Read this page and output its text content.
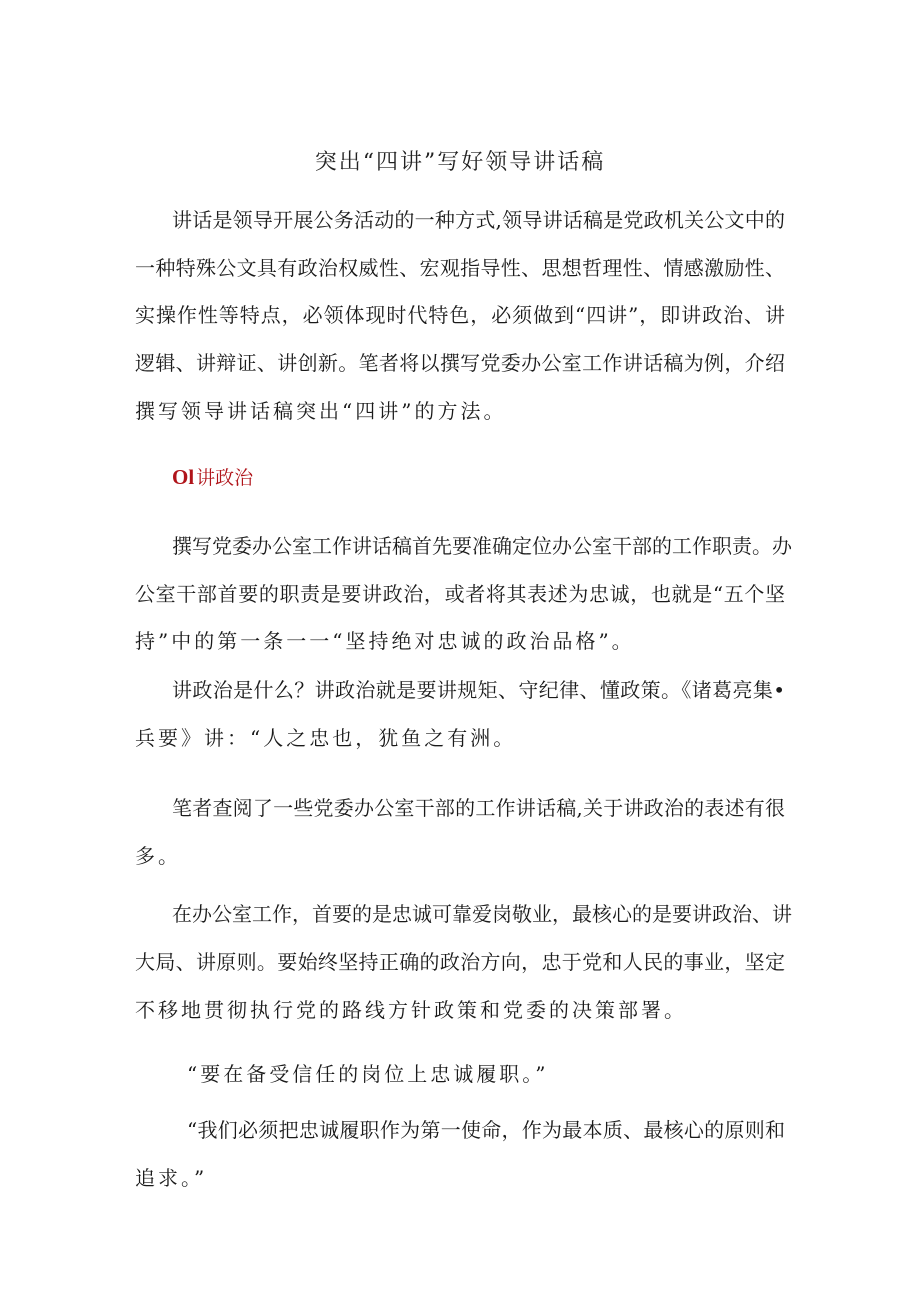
突出“四讲”写好领导讲话稿
Ol 讲政治
讲话是领导开展公务活动的一种方式,领导讲话稿是党政机关公文中的
一种特殊公文具有政治权威性、宏观指导性、思想哲理性、情感激励性、
实操作性等特点，必领体现时代特色，必须做到“四讲”，即讲政治、讲
逻辑、讲辩证、讲创新。笔者将以撰写党委办公室工作讲话稿为例，介绍
撰写领导讲话稿突出“四讲”的方法。
撰写党委办公室工作讲话稿首先要准确定位办公室干部的工作职责。办
公室干部首要的职责是要讲政治，或者将其表述为忠诚，也就是“五个坚
持”中的第一条一一“坚持绝对忠诚的政治品格”。
讲政治是什么？讲政治就是要讲规矩、守纪律、懂政策。《诸葛亮集•
兵要》讲：“人之忠也，犹鱼之有洲。
笔者查阅了一些党委办公室干部的工作讲话稿,关于讲政治的表述有很
多。
在办公室工作，首要的是忠诚可靠爱岗敬业，最核心的是要讲政治、讲
大局、讲原则。要始终坚持正确的政治方向，忠于党和人民的事业，坚定
不移地贯彻执行党的路线方针政策和党委的决策部署。
“要在备受信任的岗位上忠诚履职。”
“我们必须把忠诚履职作为第一使命，作为最本质、最核心的原则和
追求。”
